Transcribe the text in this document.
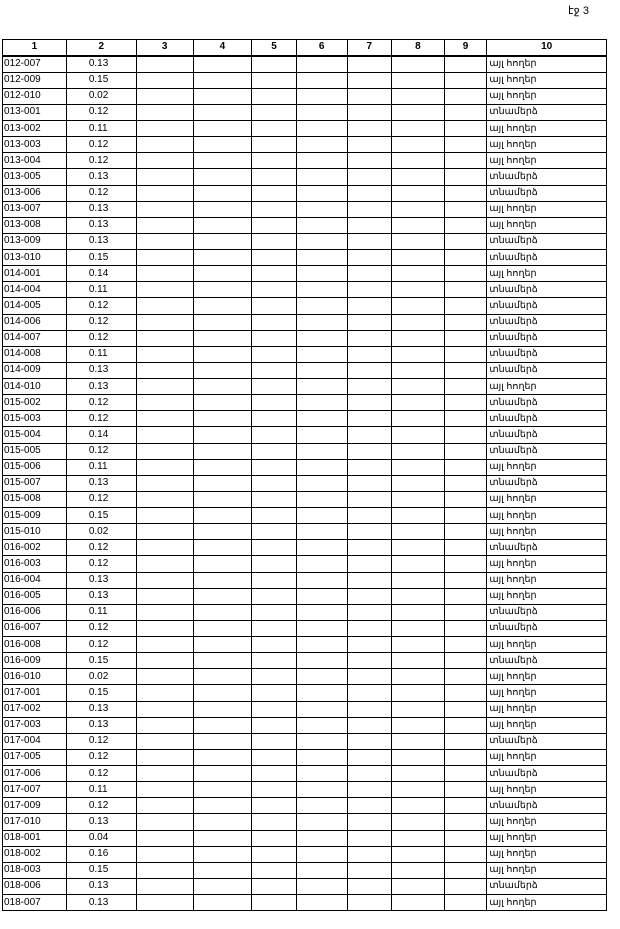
էջ 3
1	2	3	4	5	6	7	8	9	10
012-007	0.13								այլ հողեր
012-009	0.15								այլ հողեր
012-010	0.02								այլ հողեր
013-001	0.12								տնամերձ
013-002	0.11								այլ հողեր
013-003	0.12								այլ հողեր
013-004	0.12								այլ հողեր
013-005	0.13								տնամերձ
013-006	0.12								տնամերձ
013-007	0.13								այլ հողեր
013-008	0.13								այլ հողեր
013-009	0.13								տնամերձ
013-010	0.15								տնամերձ
014-001	0.14								այլ հողեր
014-004	0.11								տնամերձ
014-005	0.12								տնամերձ
014-006	0.12								տնամերձ
014-007	0.12								տնամերձ
014-008	0.11								տնամերձ
014-009	0.13								տնամերձ
014-010	0.13								այլ հողեր
015-002	0.12								տնամերձ
015-003	0.12								տնամերձ
015-004	0.14								տնամերձ
015-005	0.12								տնամերձ
015-006	0.11								այլ հողեր
015-007	0.13								տնամերձ
015-008	0.12								այլ հողեր
015-009	0.15								այլ հողեր
015-010	0.02								այլ հողեր
016-002	0.12								տնամերձ
016-003	0.12								այլ հողեր
016-004	0.13								այլ հողեր
016-005	0.13								այլ հողեր
016-006	0.11								տնամերձ
016-007	0.12								տնամերձ
016-008	0.12								այլ հողեր
016-009	0.15								տնամերձ
016-010	0.02								այլ հողեր
017-001	0.15								այլ հողեր
017-002	0.13								այլ հողեր
017-003	0.13								այլ հողեր
017-004	0.12								տնամերձ
017-005	0.12								այլ հողեր
017-006	0.12								տնամերձ
017-007	0.11								այլ հողեր
017-009	0.12								տնամերձ
017-010	0.13								այլ հողեր
018-001	0.04								այլ հողեր
018-002	0.16								այլ հողեր
018-003	0.15								այլ հողեր
018-006	0.13								տնամերձ
018-007	0.13								այլ հողեր
